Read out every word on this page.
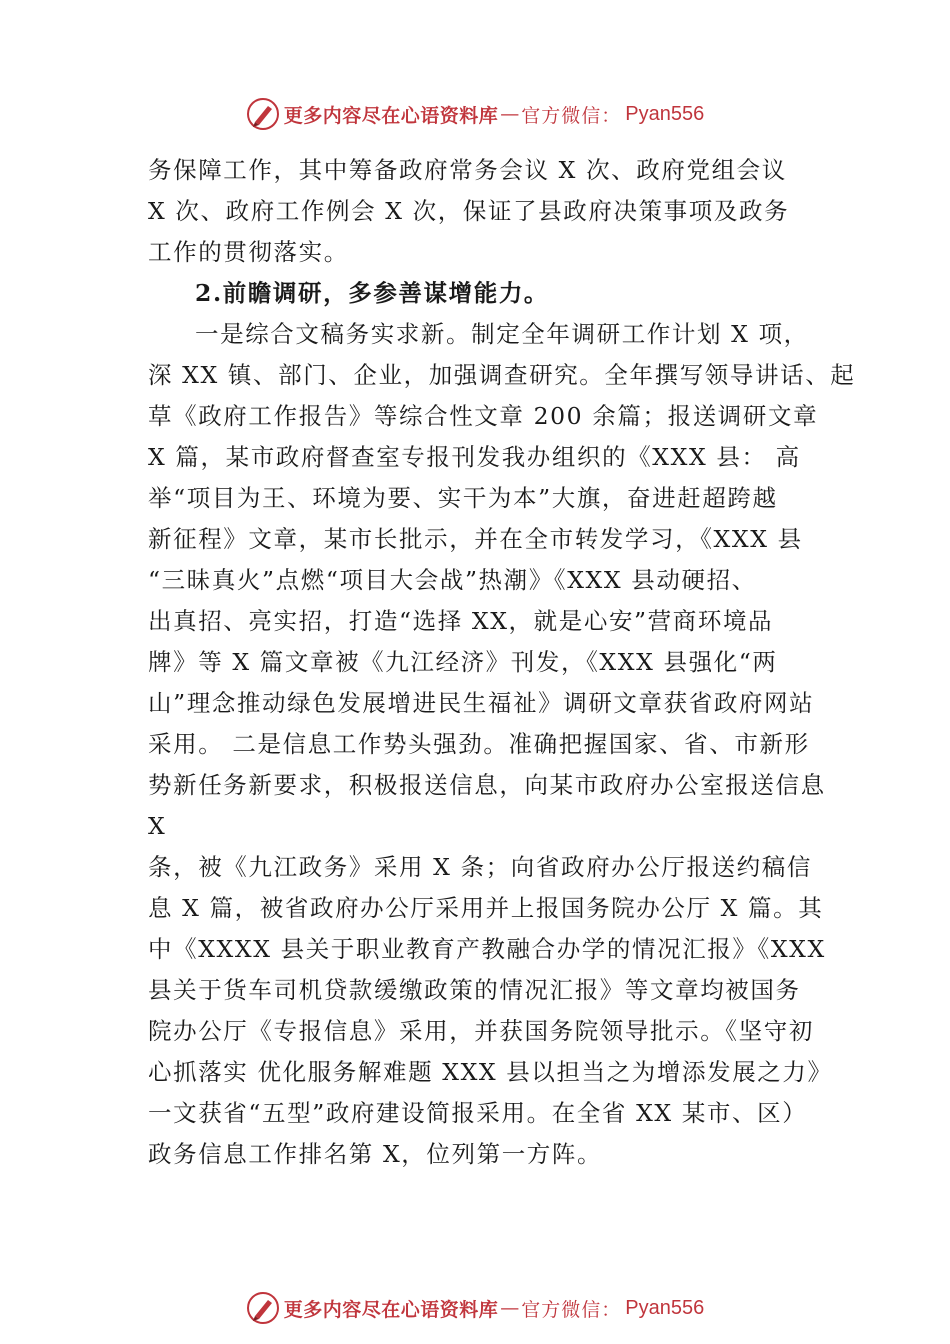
更多内容尽在心语资料库 — 官方微信： Pyan556

务保障工作，其中筹备政府常务会议 X 次、政府党组会议

X 次、政府工作例会 X 次，保证了县政府决策事项及政务

工作的贯彻落实。

2.前瞻调研，多参善谋增能力。

一是综合文稿务实求新。制定全年调研工作计划 X 项，

深 XX 镇、部门、企业，加强调查研究。全年撰写领导讲话、起

草《政府工作报告》等综合性文章 200 余篇；报送调研文章

X 篇，某市政府督查室专报刊发我办组织的《XXX 县： 高

举“项目为王、环境为要、实干为本”大旗，奋进赶超跨越

新征程》文章，某市长批示，并在全市转发学习，《XXX 县

“三昧真火”点燃“项目大会战”热潮》《XXX 县动硬招、

出真招、亮实招，打造“选择 XX，就是心安”营商环境品

牌》等 X 篇文章被《九江经济》刊发，《XXX 县强化“两

山”理念推动绿色发展增进民生福祉》调研文章获省政府网站

采用。 二是信息工作势头强劲。准确把握国家、省、市新形

势新任务新要求，积极报送信息，向某市政府办公室报送信息

X

条，被《九江政务》采用 X 条；向省政府办公厅报送约稿信

息 X 篇，被省政府办公厅采用并上报国务院办公厅 X 篇。其

中《XXXX 县关于职业教育产教融合办学的情况汇报》《XXX

县关于货车司机贷款缓缴政策的情况汇报》等文章均被国务

院办公厅《专报信息》采用，并获国务院领导批示。《坚守初

心抓落实 优化服务解难题 XXX 县以担当之为增添发展之力》

一文获省“五型”政府建设简报采用。在全省 XX 某市、区）

政务信息工作排名第 X，位列第一方阵。

更多内容尽在心语资料库 — 官方微信： Pyan556
